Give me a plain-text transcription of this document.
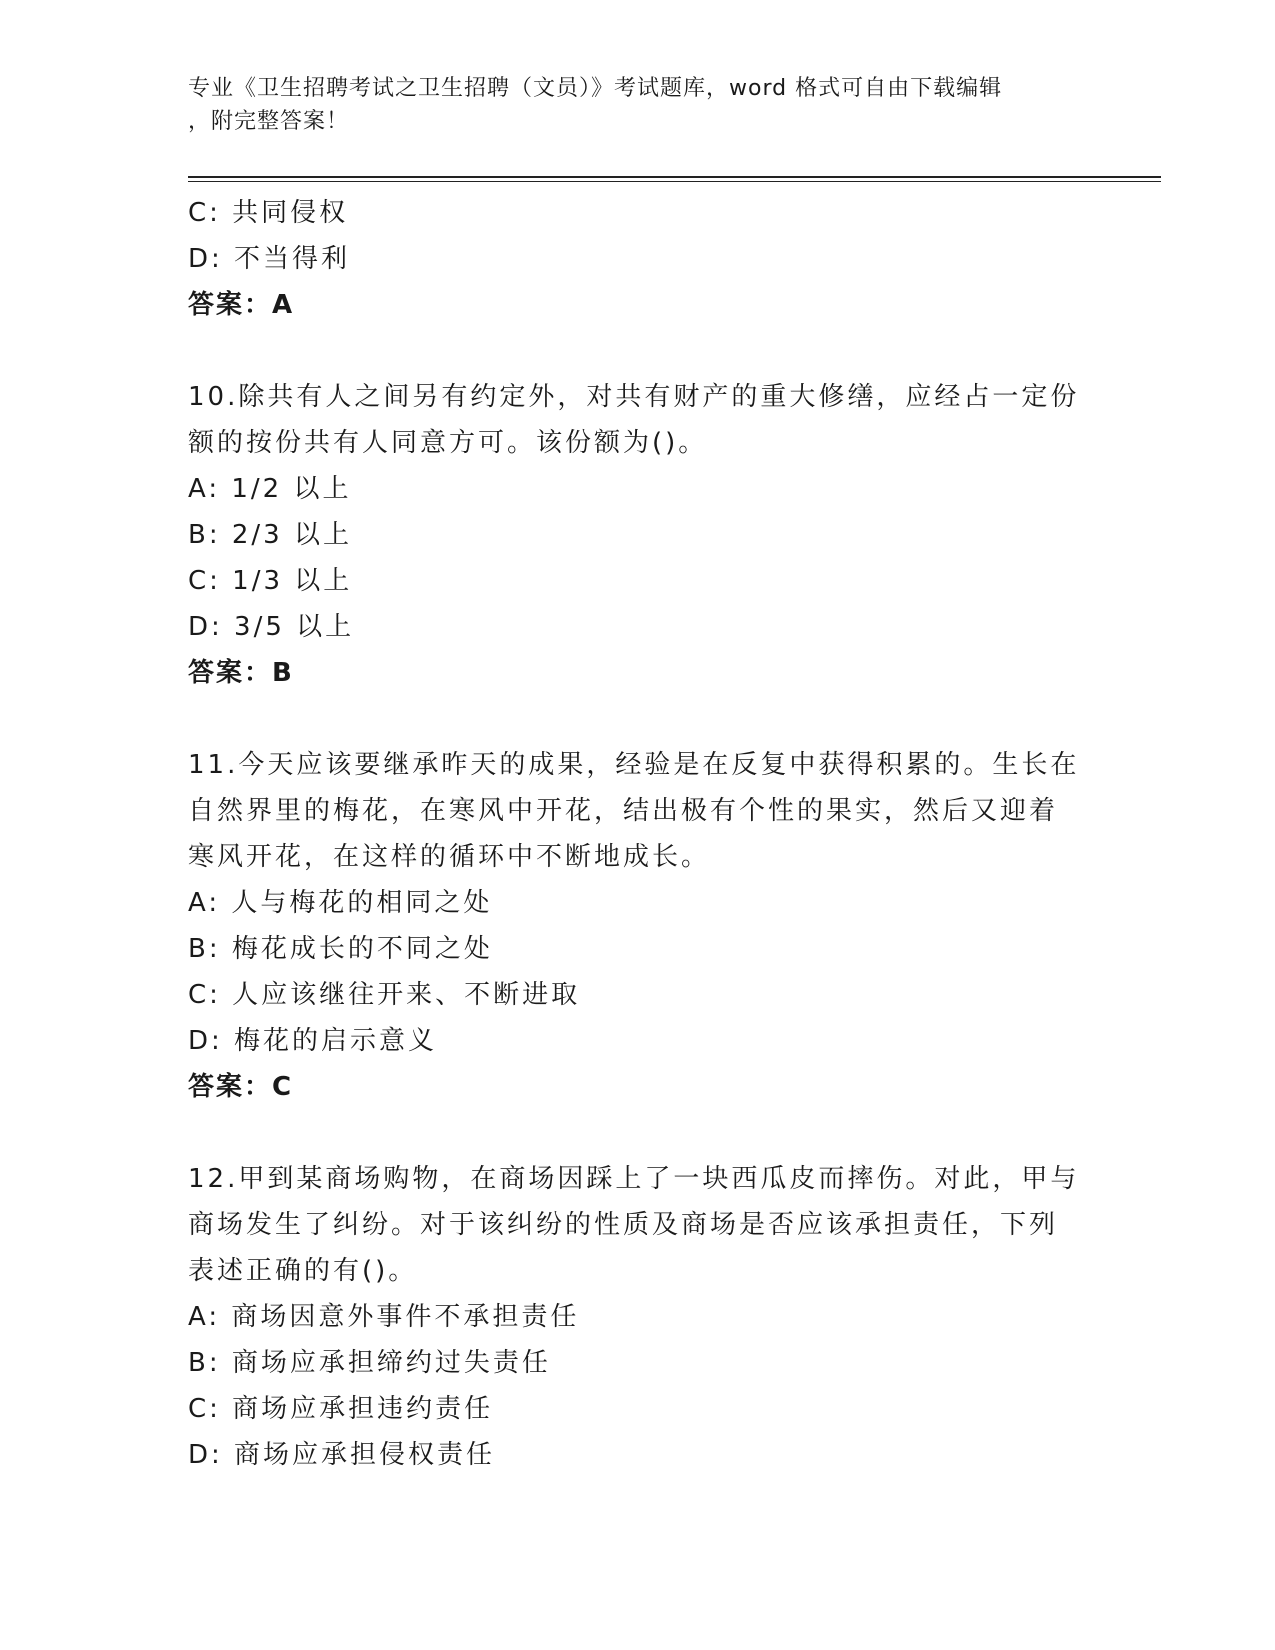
专业《卫生招聘考试之卫生招聘（文员）》考试题库，word 格式可自由下载编辑
，附完整答案！
C: 共同侵权
D: 不当得利
答案：A
10.除共有人之间另有约定外，对共有财产的重大修缮，应经占一定份
额的按份共有人同意方可。该份额为()。
A: 1/2 以上
B: 2/3 以上
C: 1/3 以上
D: 3/5 以上
答案：B
11.今天应该要继承昨天的成果，经验是在反复中获得积累的。生长在
自然界里的梅花，在寒风中开花，结出极有个性的果实，然后又迎着
寒风开花，在这样的循环中不断地成长。
A: 人与梅花的相同之处
B: 梅花成长的不同之处
C: 人应该继往开来、不断进取
D: 梅花的启示意义
答案：C
12.甲到某商场购物，在商场因踩上了一块西瓜皮而摔伤。对此，甲与
商场发生了纠纷。对于该纠纷的性质及商场是否应该承担责任，下列
表述正确的有()。
A: 商场因意外事件不承担责任
B: 商场应承担缔约过失责任
C: 商场应承担违约责任
D: 商场应承担侵权责任
